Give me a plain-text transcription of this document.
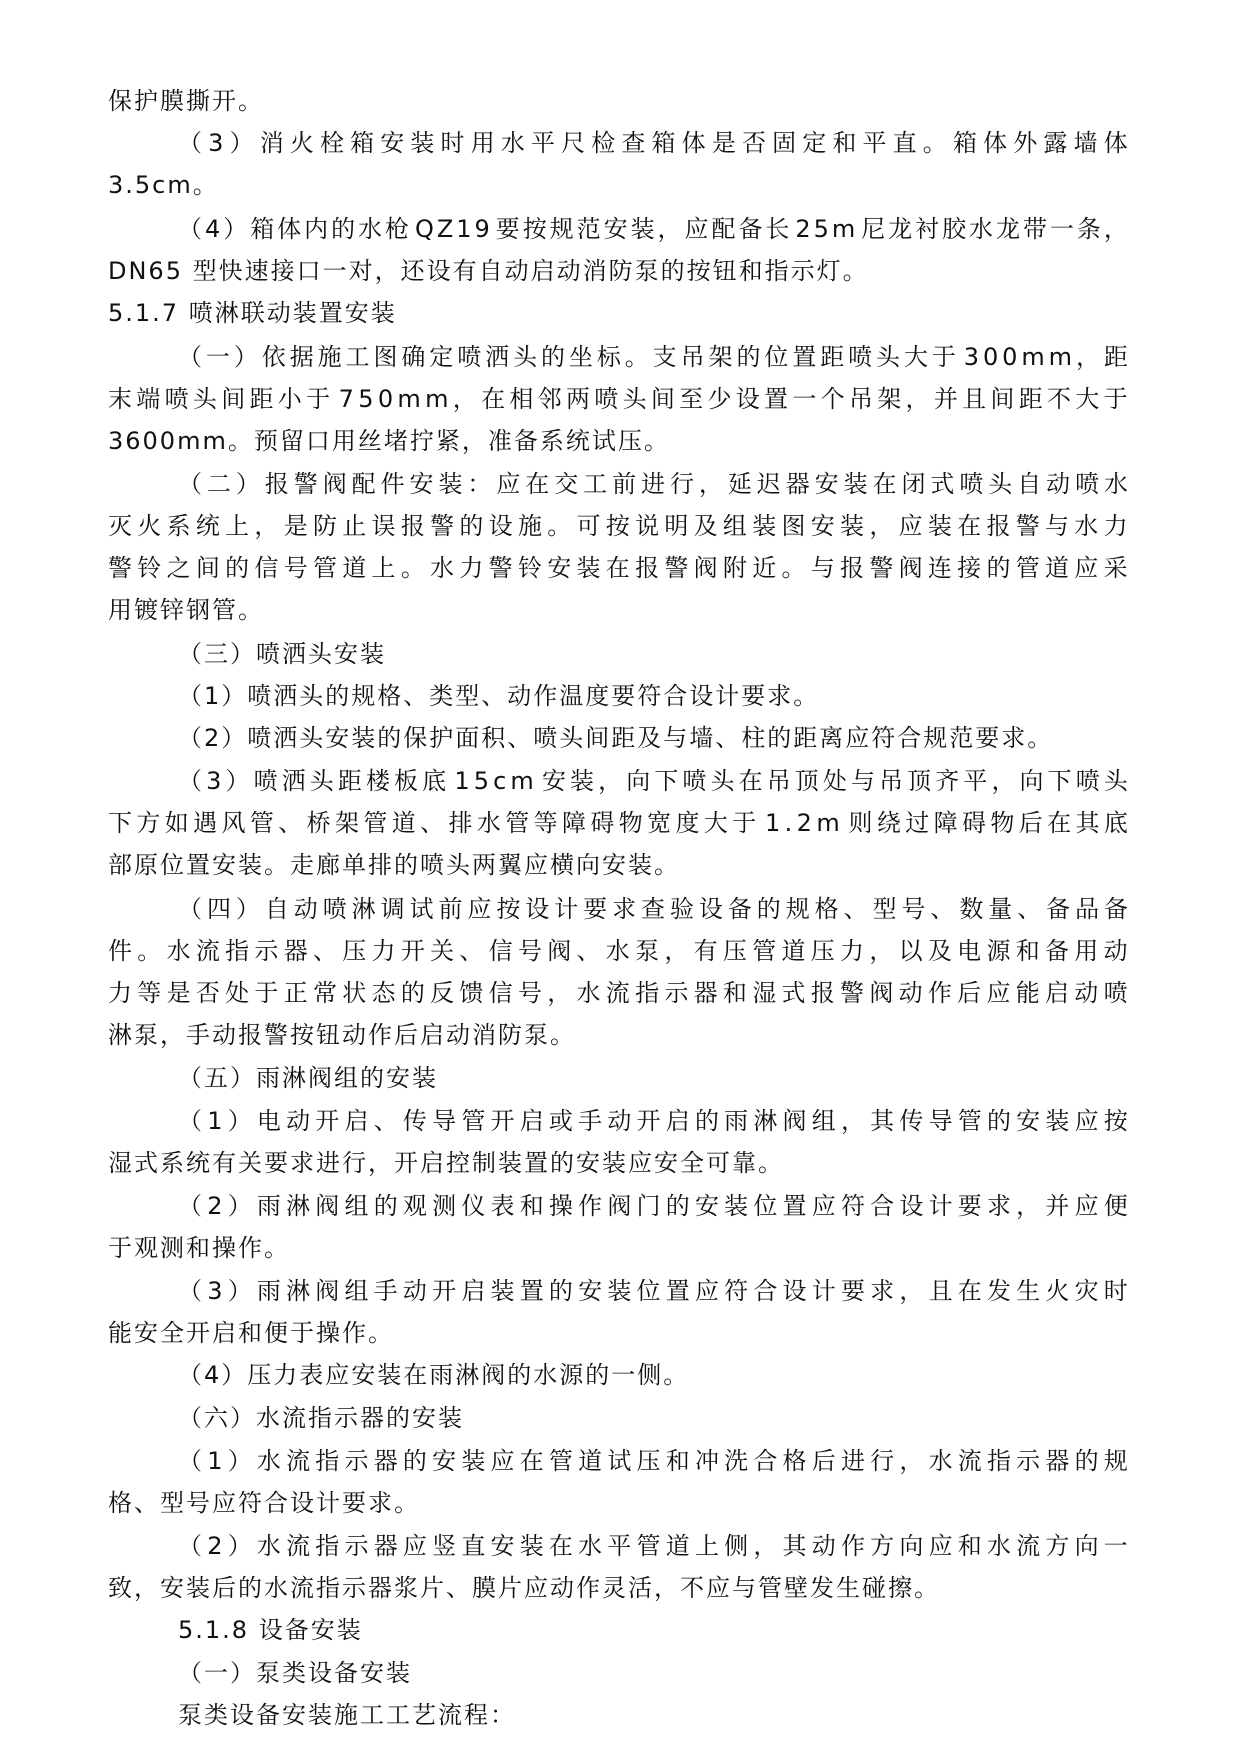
保护膜撕开。
（ 3 ） 消 火 栓 箱 安 装 时 用 水 平 尺 检 查 箱 体 是 否 固 定 和 平 直 。 箱 体 外 露 墙 体
3.5cm。
（ 4 ） 箱 体 内 的 水 枪 Q Z 1 9 要 按 规 范 安 装 ， 应 配 备 长 2 5 m 尼 龙 衬 胶 水 龙 带 一 条 ，
DN65 型快速接口一对，还设有自动启动消防泵的按钮和指示灯。
5.1.7 喷淋联动装置安装
（ 一 ） 依 据 施 工 图 确 定 喷 洒 头 的 坐 标 。 支 吊 架 的 位 置 距 喷 头 大 于 3 0 0 m m ， 距
末 端 喷 头 间 距 小 于 7 5 0 m m ， 在 相 邻 两 喷 头 间 至 少 设 置 一 个 吊 架 ， 并 且 间 距 不 大 于
3600mm。预留口用丝堵拧紧，准备系统试压。
（ 二 ） 报 警 阀 配 件 安 装 ： 应 在 交 工 前 进 行 ， 延 迟 器 安 装 在 闭 式 喷 头 自 动 喷 水
灭 火 系 统 上 ， 是 防 止 误 报 警 的 设 施 。 可 按 说 明 及 组 装 图 安 装 ， 应 装 在 报 警 与 水 力
警 铃 之 间 的 信 号 管 道 上 。 水 力 警 铃 安 装 在 报 警 阀 附 近 。 与 报 警 阀 连 接 的 管 道 应 采
用镀锌钢管。
（三）喷洒头安装
（1）喷洒头的规格、类型、动作温度要符合设计要求。
（2）喷洒头安装的保护面积、喷头间距及与墙、柱的距离应符合规范要求。
（ 3 ） 喷 洒 头 距 楼 板 底 1 5 c m 安 装 ， 向 下 喷 头 在 吊 顶 处 与 吊 顶 齐 平 ， 向 下 喷 头
下 方 如 遇 风 管 、 桥 架 管 道 、 排 水 管 等 障 碍 物 宽 度 大 于 1 . 2 m 则 绕 过 障 碍 物 后 在 其 底
部原位置安装。走廊单排的喷头两翼应横向安装。
（ 四 ） 自 动 喷 淋 调 试 前 应 按 设 计 要 求 查 验 设 备 的 规 格 、 型 号 、 数 量 、 备 品 备
件 。 水 流 指 示 器 、 压 力 开 关 、 信 号 阀 、 水 泵 ， 有 压 管 道 压 力 ， 以 及 电 源 和 备 用 动
力 等 是 否 处 于 正 常 状 态 的 反 馈 信 号 ， 水 流 指 示 器 和 湿 式 报 警 阀 动 作 后 应 能 启 动 喷
淋泵，手动报警按钮动作后启动消防泵。
（五）雨淋阀组的安装
（ 1 ） 电 动 开 启 、 传 导 管 开 启 或 手 动 开 启 的 雨 淋 阀 组 ， 其 传 导 管 的 安 装 应 按
湿式系统有关要求进行，开启控制装置的安装应安全可靠。
（ 2 ） 雨 淋 阀 组 的 观 测 仪 表 和 操 作 阀 门 的 安 装 位 置 应 符 合 设 计 要 求 ， 并 应 便
于观测和操作。
（ 3 ） 雨 淋 阀 组 手 动 开 启 装 置 的 安 装 位 置 应 符 合 设 计 要 求 ， 且 在 发 生 火 灾 时
能安全开启和便于操作。
（4）压力表应安装在雨淋阀的水源的一侧。
（六）水流指示器的安装
（ 1 ） 水 流 指 示 器 的 安 装 应 在 管 道 试 压 和 冲 洗 合 格 后 进 行 ， 水 流 指 示 器 的 规
格、型号应符合设计要求。
（ 2 ） 水 流 指 示 器 应 竖 直 安 装 在 水 平 管 道 上 侧 ， 其 动 作 方 向 应 和 水 流 方 向 一
致，安装后的水流指示器浆片、膜片应动作灵活，不应与管壁发生碰擦。
5.1.8 设备安装
（一）泵类设备安装
泵类设备安装施工工艺流程：
